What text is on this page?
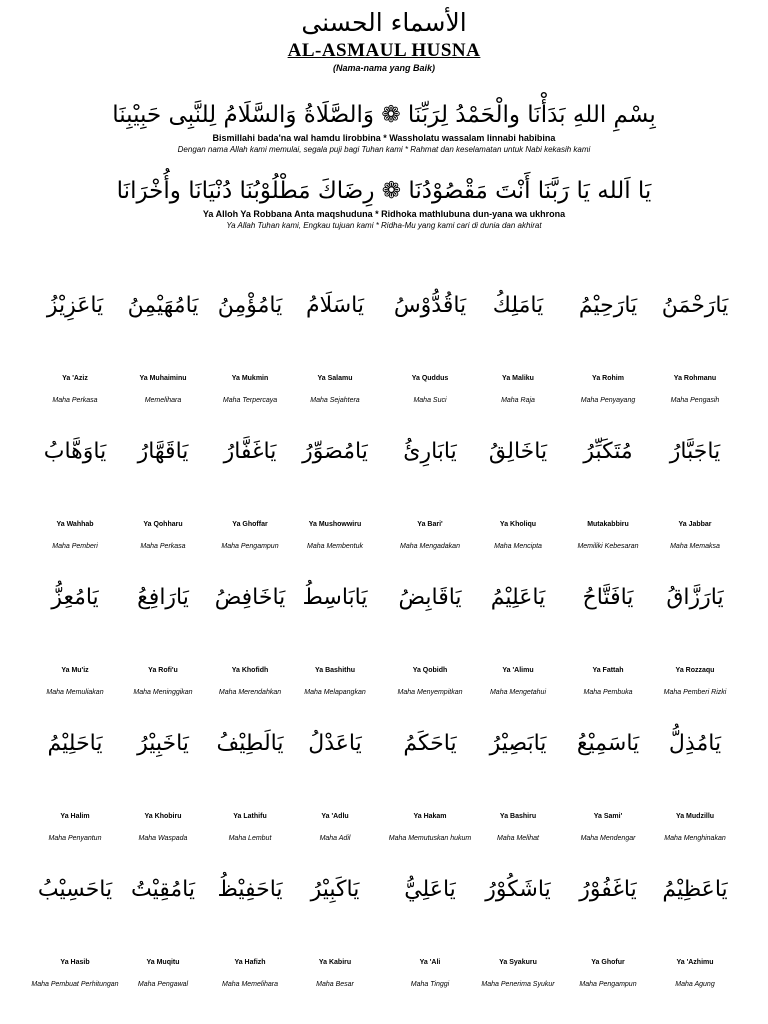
الأسماء الحسنى
AL-ASMAUL HUSNA
(Nama-nama yang Baik)
بِسْمِ اللهِ بَدَأْنَا والْحَمْدُ لِرَبِّنَا ❁ وَالصَّلَاةُ وَالسَّلَامُ لِلنَّبِى حَبِيْبِنَا
Bismillahi bada'na wal hamdu lirobbina * Wassholatu wassalam linnabi habibina
Dengan nama Allah kami memulai, segala puji bagi Tuhan kami * Rahmat dan keselamatan untuk Nabi kekasih kami
يَا اَلله يَا رَبَّنَا أَنْتَ مَقْصُوْدُنَا ❁ رِضَاكَ مَطْلُوْبُنَا دُنْيَانَا وأُخْرَانَا
Ya Alloh Ya Robbana Anta maqshuduna * Ridhoka mathlubuna dun-yana wa ukhrona
Ya Allah Tuhan kami, Engkau tujuan kami * Ridha-Mu yang kami cari di dunia dan akhirat
يَارَحْمَنُ
Ya Rohmanu
Maha Pengasih
يَارَحِيْمُ
Ya Rohim
Maha Penyayang
يَامَلِكُ
Ya Maliku
Maha Raja
يَاقُدُّوْسُ
Ya Quddus
Maha Suci
يَاسَلَامُ
Ya Salamu
Maha Sejahtera
يَامُؤْمِنُ
Ya Mukmin
Maha Terpercaya
يَامُهَيْمِنُ
Ya Muhaiminu
Memelihara
يَاعَزِيْزُ
Ya 'Aziz
Maha Perkasa
يَاجَبَّارُ
Ya Jabbar
Maha Memaksa
مُتَكَبِّرُ
Mutakabbiru
Memiliki Kebesaran
يَاخَالِقُ
Ya Kholiqu
Maha Mencipta
يَابَارِئُ
Ya Bari'
Maha Mengadakan
يَامُصَوِّرُ
Ya Mushowwiru
Maha Membentuk
يَاغَفَّارُ
Ya Ghoffar
Maha Pengampun
يَاقَهَّارُ
Ya Qohharu
Maha Perkasa
يَاوَهَّابُ
Ya Wahhab
Maha Pemberi
يَارَزَّاقُ
Ya Rozzaqu
Maha Pemberi Rizki
يَافَتَّاحُ
Ya Fattah
Maha Pembuka
يَاعَلِيْمُ
Ya 'Alimu
Maha Mengetahui
يَاقَابِضُ
Ya Qobidh
Maha Menyempitkan
يَابَاسِطُ
Ya Bashithu
Maha Melapangkan
يَاخَافِضُ
Ya Khofidh
Maha Merendahkan
يَارَافِعُ
Ya Rofi'u
Maha Meninggikan
يَامُعِزُّ
Ya Mu'iz
Maha Memuliakan
يَامُذِلُّ
Ya Mudzillu
Maha Menghinakan
يَاسَمِيْعُ
Ya Sami'
Maha Mendengar
يَابَصِيْرُ
Ya Bashiru
Maha Melihat
يَاحَكَمُ
Ya Hakam
Maha Memutuskan hukum
يَاعَدْلُ
Ya 'Adlu
Maha Adil
يَالَطِيْفُ
Ya Lathifu
Maha Lembut
يَاخَبِيْرُ
Ya Khobiru
Maha Waspada
يَاحَلِيْمُ
Ya Halim
Maha Penyantun
يَاعَظِيْمُ
Ya 'Azhimu
Maha Agung
يَاغَفُوْرُ
Ya Ghofur
Maha Pengampun
يَاشَكُوْرُ
Ya Syakuru
Maha Penerima Syukur
يَاعَلِيُّ
Ya 'Ali
Maha Tinggi
يَاكَبِيْرُ
Ya Kabiru
Maha Besar
يَاحَفِيْظُ
Ya Hafizh
Maha Memelihara
يَامُقِيْتُ
Ya Muqitu
Maha Pengawal
يَاحَسِيْبُ
Ya Hasib
Maha Pembuat Perhitungan
